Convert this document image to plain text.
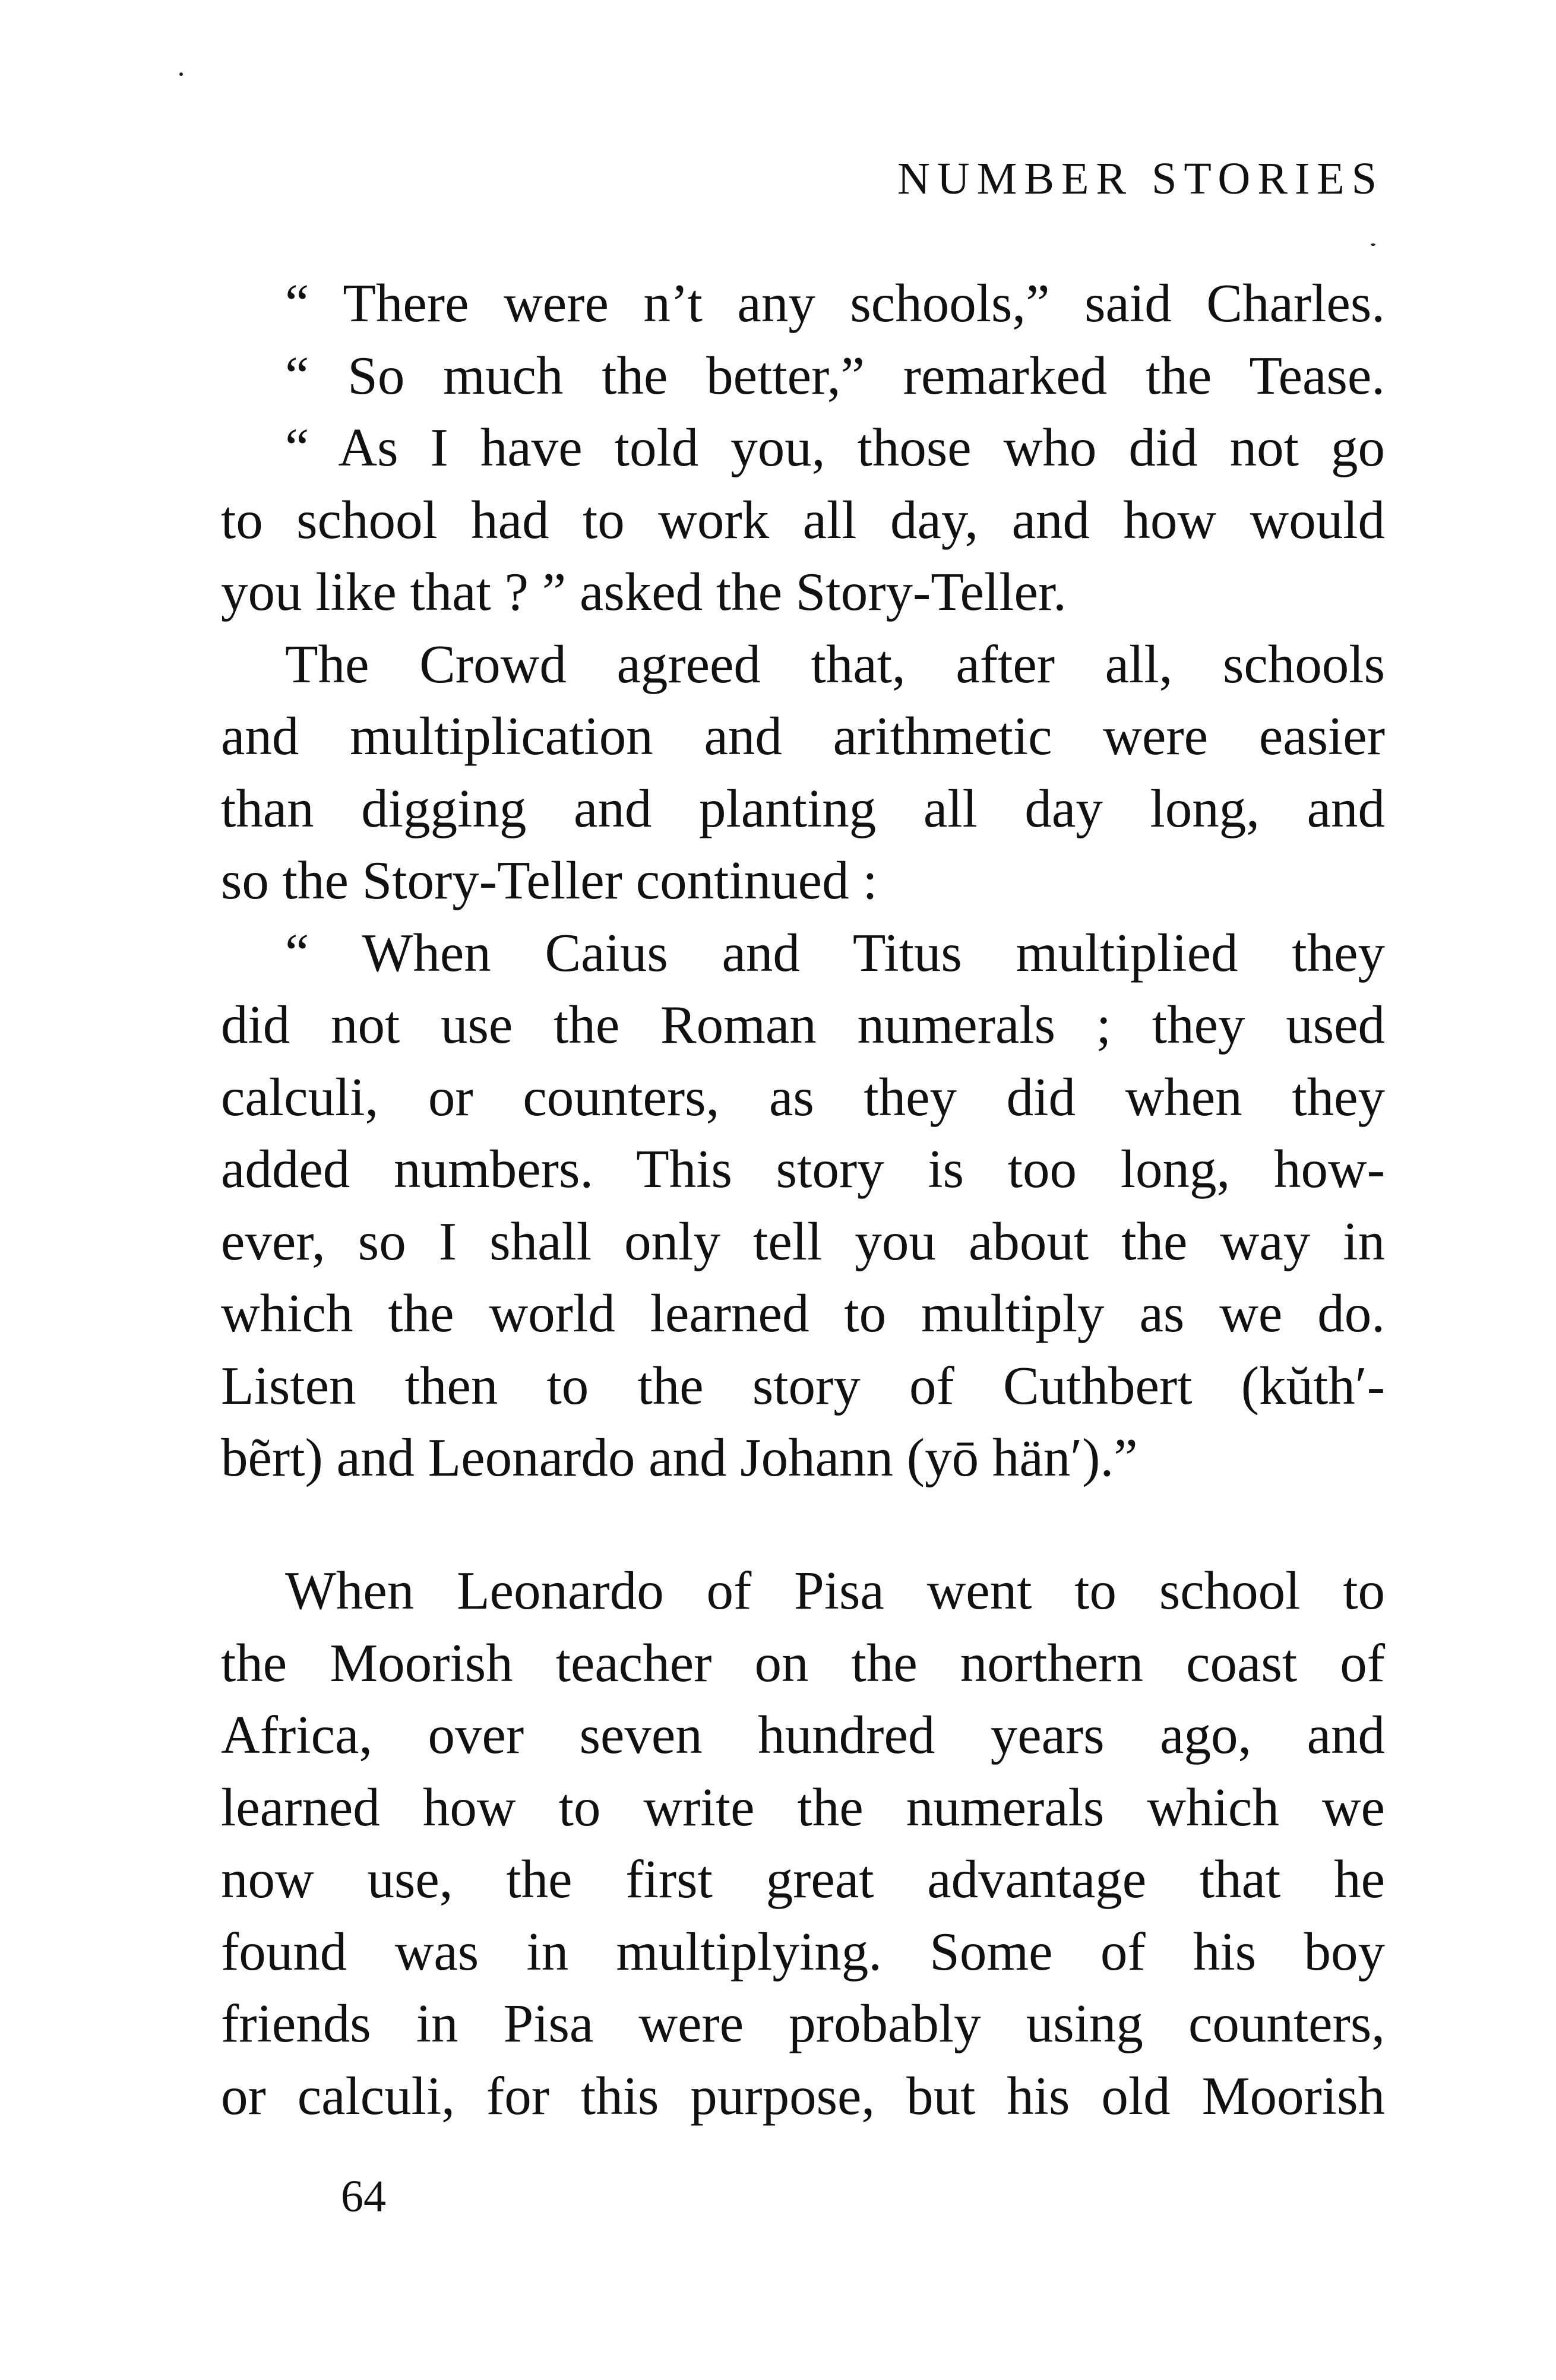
NUMBER STORIES
“ There were n’t any schools,” said Charles.
“ So much the better,” remarked the Tease.
“ As I have told you, those who did not go
to school had to work all day, and how would
you like that ? ” asked the Story-Teller.
The Crowd agreed that, after all, schools
and multiplication and arithmetic were easier
than digging and planting all day long, and
so the Story-Teller continued :
“ When Caius and Titus multiplied they
did not use the Roman numerals ; they used
calculi, or counters, as they did when they
added numbers. This story is too long, how-
ever, so I shall only tell you about the way in
which the world learned to multiply as we do.
Listen then to the story of Cuthbert (kŭth′-
bẽrt) and Leonardo and Johann (yō hän′).”
When Leonardo of Pisa went to school to
the Moorish teacher on the northern coast of
Africa, over seven hundred years ago, and
learned how to write the numerals which we
now use, the first great advantage that he
found was in multiplying. Some of his boy
friends in Pisa were probably using counters,
or calculi, for this purpose, but his old Moorish
64
